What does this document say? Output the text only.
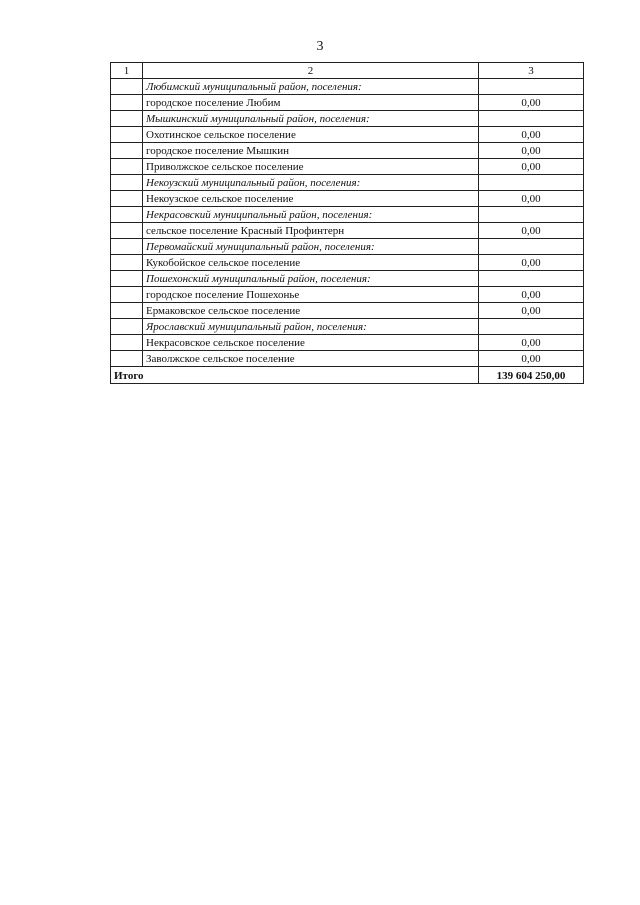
3
1	2	3
	Любимский муниципальный район, поселения:	
	городское поселение Любим	0,00
	Мышкинский муниципальный район, поселения:	
	Охотинское сельское поселение	0,00
	городское поселение Мышкин	0,00
	Приволжское сельское поселение	0,00
	Некоузский муниципальный район, поселения:	
	Некоузское сельское поселение	0,00
	Некрасовский муниципальный район, поселения:	
	сельское поселение Красный Профинтерн	0,00
	Первомайский муниципальный район, поселения:	
	Кукобойское сельское поселение	0,00
	Пошехонский муниципальный район, поселения:	
	городское поселение Пошехонье	0,00
	Ермаковское сельское поселение	0,00
	Ярославский муниципальный район, поселения:	
	Некрасовское сельское поселение	0,00
	Заволжское сельское поселение	0,00
Итого		139 604 250,00
